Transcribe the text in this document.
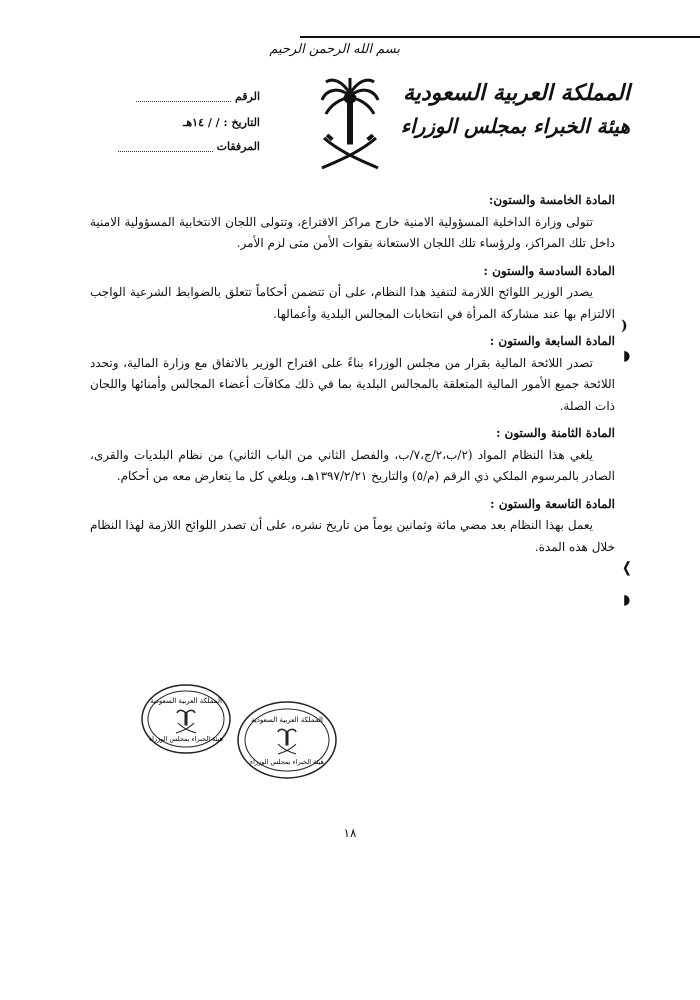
بسم الله الرحمن الرحيم
المملكة العربية السعودية
هيئة الخبراء بمجلس الوزراء
الرقم
التاريخ : / / ١٤هـ
المرفقات

المادة الخامسة والستون:

تتولى وزارة الداخلية المسؤولية الامنية خارج مراكز الاقتراع، وتتولى اللجان الانتخابية المسؤولية الامنية داخل تلك المراكز، ولرؤساء تلك اللجان الاستعانة بقوات الأمن متى لزم الأمر.

المادة السادسة والستون :

يصدر الوزير اللوائح اللازمة لتنفيذ هذا النظام، على أن تتضمن أحكاماً تتعلق بالضوابط الشرعية الواجب الالتزام بها عند مشاركة المرأة في انتخابات المجالس البلدية وأعمالها.

المادة السابعة والستون :

تصدر اللائحة المالية بقرار من مجلس الوزراء بناءً على اقتراح الوزير بالاتفاق مع وزارة المالية، وتحدد اللائحة جميع الأمور المالية المتعلقة بالمجالس البلدية بما في ذلك مكافآت أعضاء المجالس وأمنائها واللجان ذات الصلة.

المادة الثامنة والستون :

يلغي هذا النظام المواد (٢/ب،٢/ج،٧/ب، والفصل الثاني من الباب الثاني) من نظام البلديات والقرى، الصادر بالمرسوم الملكي ذي الرقم (م/٥) والتاريخ ١٣٩٧/٢/٢١هـ، ويلغي كل ما يتعارض معه من أحكام.

المادة التاسعة والستون :

يعمل بهذا النظام بعد مضي مائة وثمانين يوماً من تاريخ نشره، على أن تصدر اللوائح اللازمة لهذا النظام خلال هذه المدة.

)
◗
❬
◗
المملكة العربية السعودية
هيئة الخبراء بمجلس الوزراء
المملكة العربية السعودية
هيئة الخبراء بمجلس الوزراء
١٨
